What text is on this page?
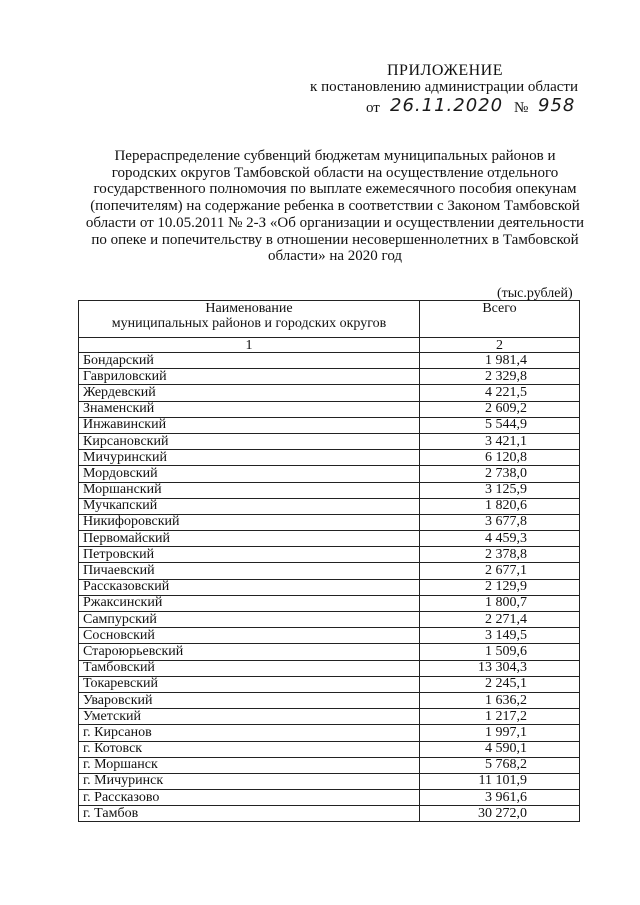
ПРИЛОЖЕНИЕ
к постановлению администрации области
от 26.11.2020 № 958
Перераспределение субвенций бюджетам муниципальных районов и
городских округов Тамбовской области на осуществление отдельного
государственного полномочия по выплате ежемесячного пособия опекунам
(попечителям) на содержание ребенка в соответствии с Законом Тамбовской
области от 10.05.2011 № 2-З «Об организации и осуществлении деятельности
по опеке и попечительству в отношении несовершеннолетних в Тамбовской
области» на 2020 год
(тыс.рублей)
Наименование
муниципальных районов и городских округов	Всего
1	2
Бондарский	1 981,4
Гавриловский	2 329,8
Жердевский	4 221,5
Знаменский	2 609,2
Инжавинский	5 544,9
Кирсановский	3 421,1
Мичуринский	6 120,8
Мордовский	2 738,0
Моршанский	3 125,9
Мучкапский	1 820,6
Никифоровский	3 677,8
Первомайский	4 459,3
Петровский	2 378,8
Пичаевский	2 677,1
Рассказовский	2 129,9
Ржаксинский	1 800,7
Сампурский	2 271,4
Сосновский	3 149,5
Староюрьевский	1 509,6
Тамбовский	13 304,3
Токаревский	2 245,1
Уваровский	1 636,2
Уметский	1 217,2
г. Кирсанов	1 997,1
г. Котовск	4 590,1
г. Моршанск	5 768,2
г. Мичуринск	11 101,9
г. Рассказово	3 961,6
г. Тамбов	30 272,0
